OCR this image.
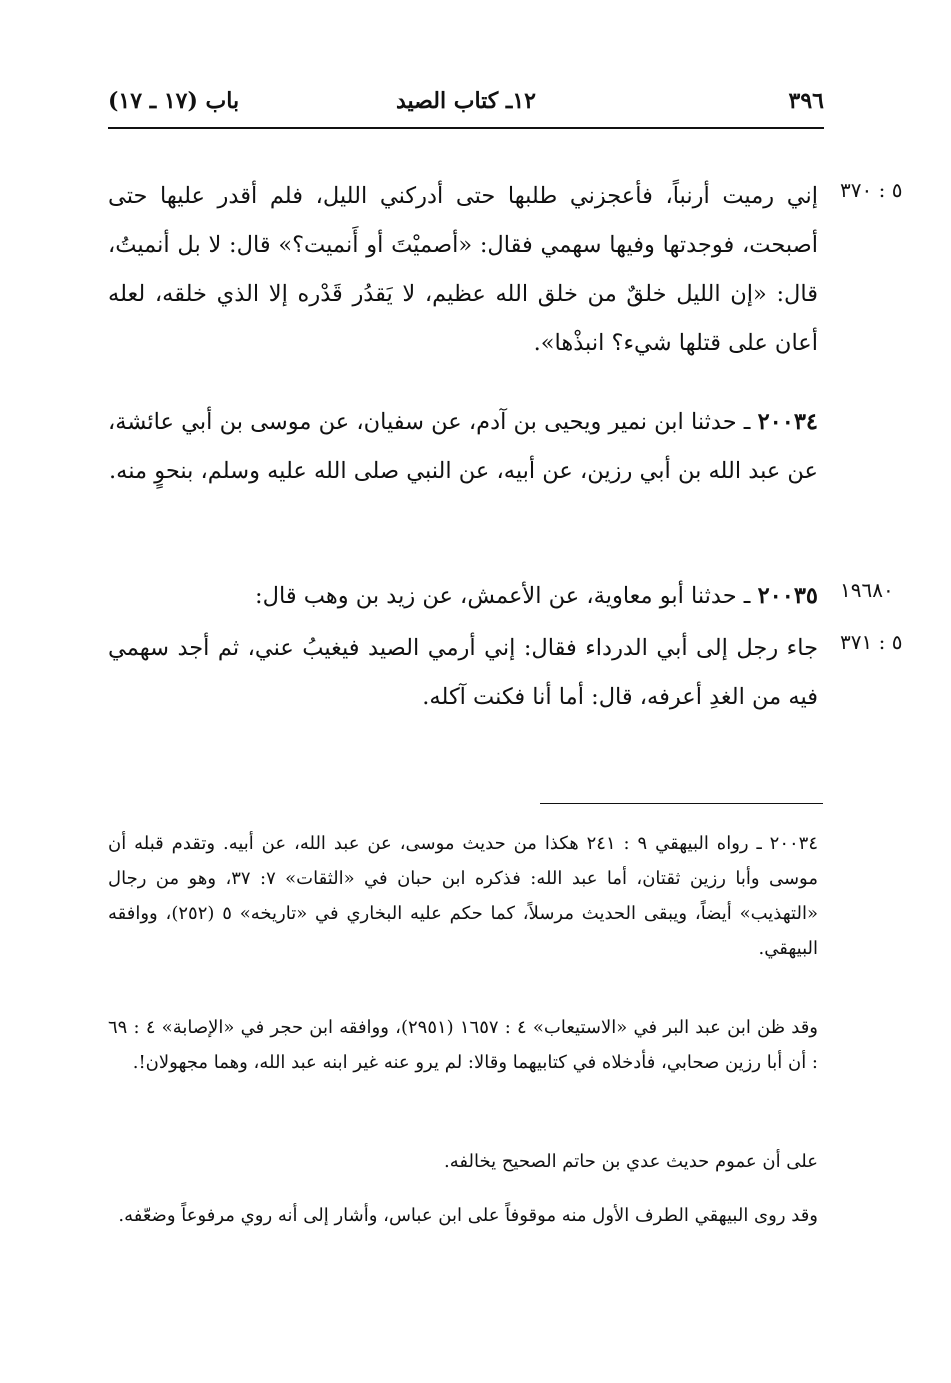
٣٩٦
١٢ـ كتاب الصيد
باب (١٧ ـ ١٧)
٥ : ٣٧٠
١٩٦٨٠
٥ : ٣٧١
إني رميت أرنباً، فأعجزني طلبها حتى أدركني الليل، فلم أقدر عليها حتى أصبحت، فوجدتها وفيها سهمي فقال: «أصميْتَ أو أَنميت؟» قال: لا بل أنميتُ، قال: «إن الليل خلقٌ من خلق الله عظيم، لا يَقدُر قَدْره إلا الذي خلقه، لعله أعان على قتلها شيء؟ انبذْها».
٢٠٠٣٤ ـ حدثنا ابن نمير ويحيى بن آدم، عن سفيان، عن موسى بن أبي عائشة، عن عبد الله بن أبي رزين، عن أبيه، عن النبي صلى الله عليه وسلم، بنحوٍ منه.
٢٠٠٣٥ ـ حدثنا أبو معاوية، عن الأعمش، عن زيد بن وهب قال:
جاء رجل إلى أبي الدرداء فقال: إني أرمي الصيد فيغيبُ عني، ثم أجد سهمي فيه من الغدِ أعرفه، قال: أما أنا فكنت آكله.
٢٠٠٣٤ ـ رواه البيهقي ٩ : ٢٤١ هكذا من حديث موسى، عن عبد الله، عن أبيه. وتقدم قبله أن موسى وأبا رزين ثقتان، أما عبد الله: فذكره ابن حبان في «الثقات» ٧: ٣٧، وهو من رجال «التهذيب» أيضاً، ويبقى الحديث مرسلاً، كما حكم عليه البخاري في «تاريخه» ٥ (٢٥٢)، ووافقه البيهقي.
وقد ظن ابن عبد البر في «الاستيعاب» ٤ : ١٦٥٧ (٢٩٥١)، ووافقه ابن حجر في «الإصابة» ٤ : ٦٩ : أن أبا رزين صحابي، فأدخلاه في كتابيهما وقالا: لم يرو عنه غير ابنه عبد الله، وهما مجهولان!.
على أن عموم حديث عدي بن حاتم الصحيح يخالفه.
وقد روى البيهقي الطرف الأول منه موقوفاً على ابن عباس، وأشار إلى أنه روي مرفوعاً وضعّفه.
